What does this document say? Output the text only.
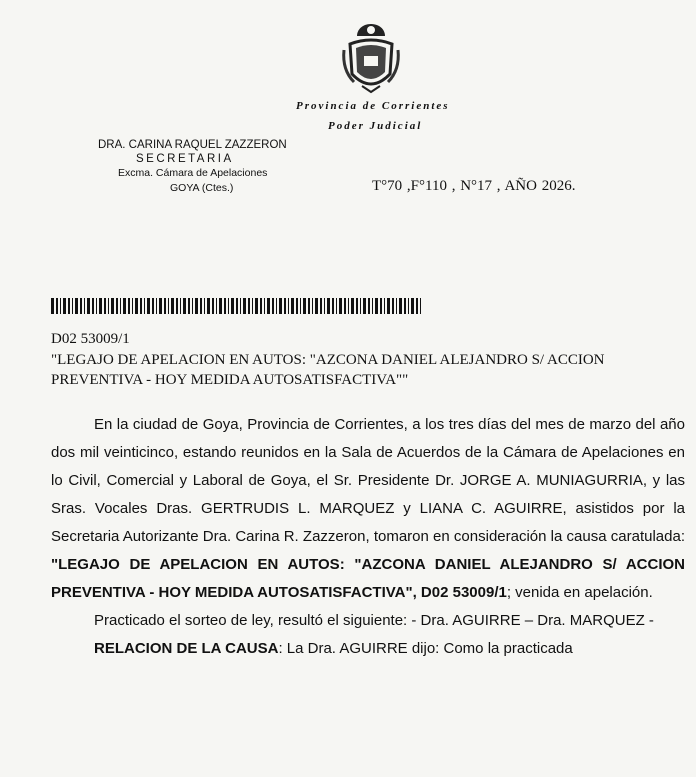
Provincia de Corrientes
Poder Judicial
DRA. CARINA RAQUEL ZAZZERON
SECRETARIA
Excma. Cámara de Apelaciones
GOYA (Ctes.)	T°70 ,F°110 , N°17 , AÑO 2026.
D02 53009/1
"LEGAJO DE APELACION EN AUTOS: "AZCONA DANIEL ALEJANDRO S/ ACCION PREVENTIVA - HOY MEDIDA AUTOSATISFACTIVA""

En la ciudad de Goya, Provincia de Corrientes, a los tres días del mes de marzo del año dos mil veinticinco, estando reunidos en la Sala de Acuerdos de la Cámara de Apelaciones en lo Civil, Comercial y Laboral de Goya, el Sr. Presidente Dr. JORGE A. MUNIAGURRIA, y las Sras. Vocales Dras. GERTRUDIS L. MARQUEZ y LIANA C. AGUIRRE, asistidos por la Secretaria Autorizante Dra. Carina R. Zazzeron, tomaron en consideración la causa caratulada: "LEGAJO DE APELACION EN AUTOS: "AZCONA DANIEL ALEJANDRO S/ ACCION PREVENTIVA - HOY MEDIDA AUTOSATISFACTIVA", D02 53009/1; venida en apelación.

Practicado el sorteo de ley, resultó el siguiente: - Dra. AGUIRRE – Dra. MARQUEZ -

RELACION DE LA CAUSA: La Dra. AGUIRRE dijo: Como la practicada
